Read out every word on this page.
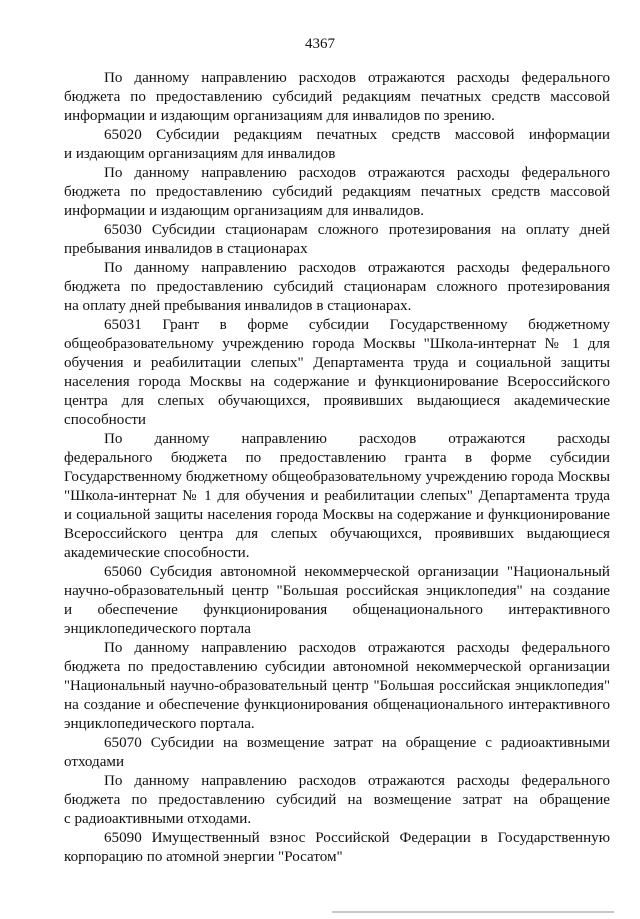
4367

По данному направлению расходов отражаются расходы федерального
бюджета по предоставлению субсидий редакциям печатных средств массовой
информации и издающим организациям для инвалидов по зрению.

65020 Субсидии редакциям печатных средств массовой информации
и издающим организациям для инвалидов

По данному направлению расходов отражаются расходы федерального
бюджета по предоставлению субсидий редакциям печатных средств массовой
информации и издающим организациям для инвалидов.

65030 Субсидии стационарам сложного протезирования на оплату дней
пребывания инвалидов в стационарах

По данному направлению расходов отражаются расходы федерального
бюджета по предоставлению субсидий стационарам сложного протезирования
на оплату дней пребывания инвалидов в стационарах.

65031 Грант в форме субсидии Государственному бюджетному
общеобразовательному учреждению города Москвы "Школа-интернат № 1 для
обучения и реабилитации слепых" Департамента труда и социальной защиты
населения города Москвы на содержание и функционирование Всероссийского
центра для слепых обучающихся, проявивших выдающиеся академические
способности

По данному направлению расходов отражаются расходы
федерального бюджета по предоставлению гранта в форме субсидии
Государственному бюджетному общеобразовательному учреждению города Москвы
"Школа-интернат № 1 для обучения и реабилитации слепых" Департамента труда
и социальной защиты населения города Москвы на содержание и функционирование
Всероссийского центра для слепых обучающихся, проявивших выдающиеся
академические способности.

65060 Субсидия автономной некоммерческой организации "Национальный
научно-образовательный центр "Большая российская энциклопедия" на создание
и обеспечение функционирования общенационального интерактивного
энциклопедического портала

По данному направлению расходов отражаются расходы федерального
бюджета по предоставлению субсидии автономной некоммерческой организации
"Национальный научно-образовательный центр "Большая российская энциклопедия"
на создание и обеспечение функционирования общенационального интерактивного
энциклопедического портала.

65070 Субсидии на возмещение затрат на обращение с радиоактивными
отходами

По данному направлению расходов отражаются расходы федерального
бюджета по предоставлению субсидий на возмещение затрат на обращение
с радиоактивными отходами.

65090 Имущественный взнос Российской Федерации в Государственную
корпорацию по атомной энергии "Росатом"
